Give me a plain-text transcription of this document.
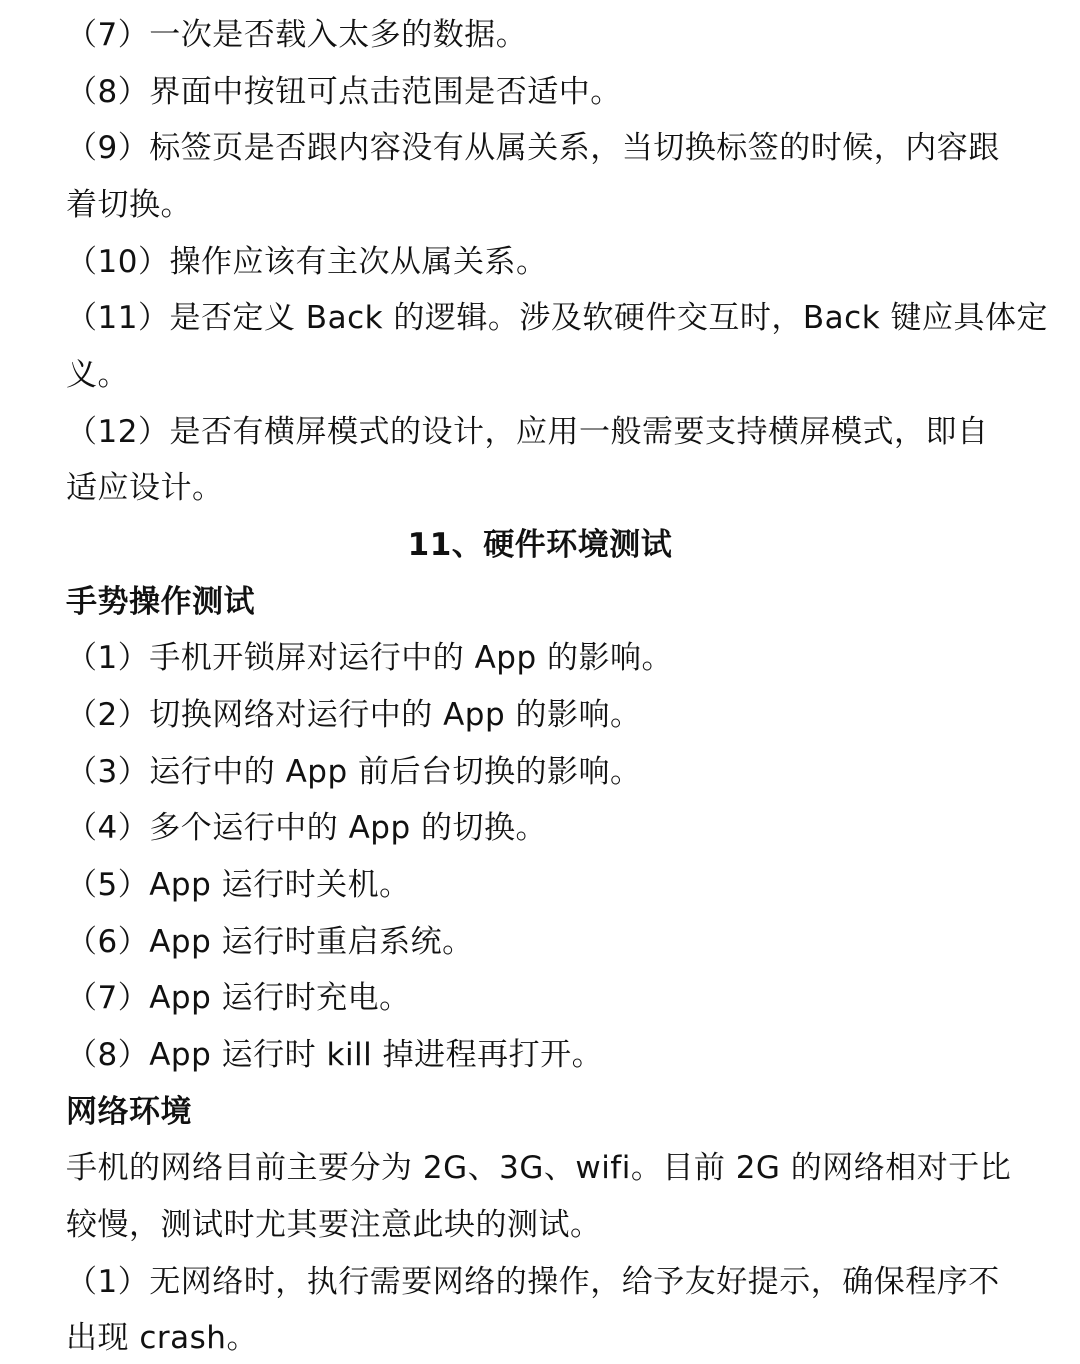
（7）一次是否载入太多的数据。
（8）界面中按钮可点击范围是否适中。
（9）标签页是否跟内容没有从属关系，当切换标签的时候，内容跟
着切换。
（10）操作应该有主次从属关系。
（11）是否定义 Back 的逻辑。涉及软硬件交互时，Back 键应具体定
义。
（12）是否有横屏模式的设计，应用一般需要支持横屏模式，即自
适应设计。
11、硬件环境测试
手势操作测试
（1）手机开锁屏对运行中的 App 的影响。
（2）切换网络对运行中的 App 的影响。
（3）运行中的 App 前后台切换的影响。
（4）多个运行中的 App 的切换。
（5）App 运行时关机。
（6）App 运行时重启系统。
（7）App 运行时充电。
（8）App 运行时 kill 掉进程再打开。
网络环境
手机的网络目前主要分为 2G、3G、wifi。目前 2G 的网络相对于比
较慢，测试时尤其要注意此块的测试。
（1）无网络时，执行需要网络的操作，给予友好提示，确保程序不
出现 crash。
